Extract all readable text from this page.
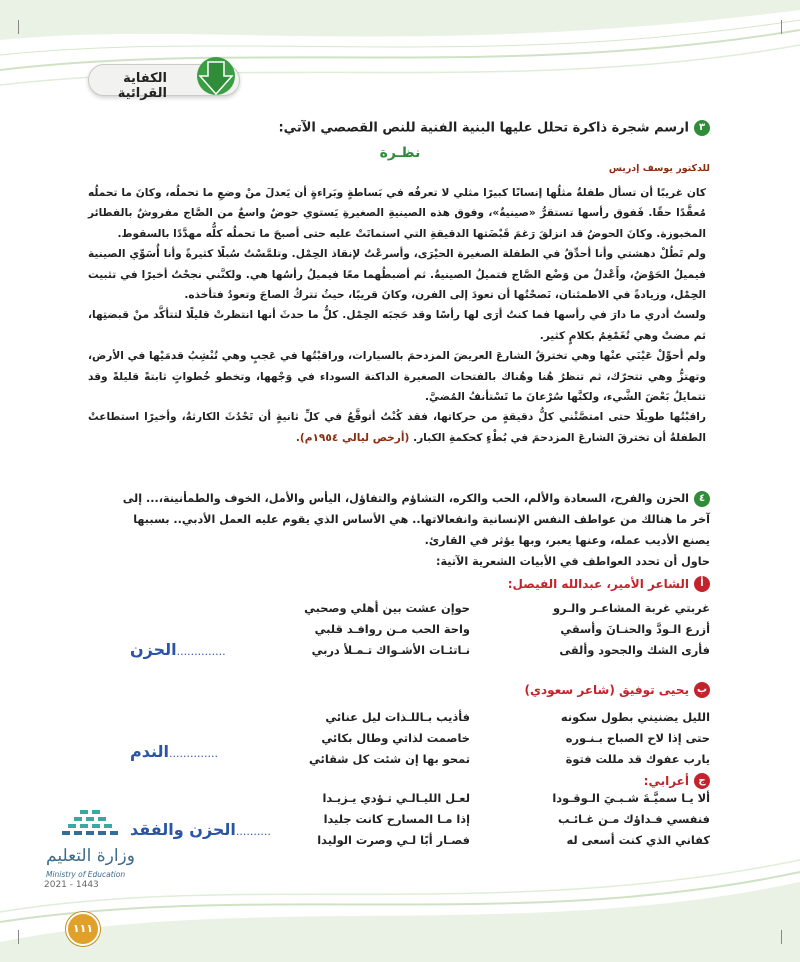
الكفاية القرائية
٣ارسم شجرة ذاكرة تحلل عليها البنية الفنية للنص القصصي الآتي:
نظـرة
للدكتور يوسف إدريس

كان غريبًا أن تسأل طفلةٌ مثلُها إنسانًا كبيرًا مثلي لا تعرفُه في بَساطةٍ وبَراءةٍ أن يَعدلَ منْ وضعِ ما تحملُه، وكانَ ما تحملُه مُعقَّدًا حقًا. فَفوق رأسها تستقرُّ «صينيةٌ»، وفوق هذه الصينيةِ الصغيرةِ يَستوي حوضٌ واسعٌ من الصَّاج مفروشٌ بالفطائر المخبوزة. وكانَ الحوضُ قد انزلقَ رَغمَ قَبْضَتها الدقيقةِ التي استماتَتْ عليه حتى أصبحَ ما تحملُه كلُّه مهدَّدًا بالسقوط.

ولم تَطُلْ دهشتي وأنا أحدِّقُ في الطفلة الصغيرة الحيْرَى، وأسرعْتُ لإنقاذ الحِمْل. وتلمَّسْتُ سُبلًا كثيرةً وأنا أُسَوِّي الصينية فيميلُ الحَوْضُ، وأَعْدلُ من وَضْع الصَّاج فتميلُ الصينيةُ. ثم أضبطُهما معًا فيميلُ رأسُها هي. ولكنَّني نجحْتُ أخيرًا في تثبيت الحِمْل، وزيادةً في الاطمئنان، نَصحْتُها أن تعودَ إلى الفرن، وكانَ قريبًا، حيثُ تتركُ الصاجَ وتعودُ فتأخذه.

ولستُ أدري ما دارَ في رأسها فما كنتُ أرَى لها رأسًا وقد حَجبَه الحِمْل. كلُّ ما حدثَ أنها انتظرتْ قليلًا لتتأكَّد منْ قبضتِها، ثم مضتْ وهي تُغَمْغِمُ بكلامٍ كثير.

ولم أحوِّلْ عَيْنَي عنْها وهي تخترقُ الشارعَ العريضَ المزدحمَ بالسيارات، وراقبْتُها في عَجبٍ وهي تُنْشِبُ قدمَيْها في الأرض، وتهتزُّ وهي تتحرّك، ثم تنظرُ هُنا وهُناك بالفتحات الصغيرة الداكنة السوداء في وَجْهها، وتخطو خُطواتٍ ثابتةً قليلةً وقد تتمايلُ بَعْضَ الشَّيء، ولكنَّها سُرْعانَ ما تَسْتأنفُ المُضيَّ.

راقبْتُها طويلًا حتى امتصَّتْني كلُّ دقيقةٍ من حركاتها، فقد كُنْتُ أتوقَّعُ في كلِّ ثانيةٍ أن تَحْدُثَ الكارثةُ، وأخيرًا استطاعتْ الطفلةُ أن تخترقَ الشارعَ المزدحمَ في بُطْءٍ كحكمةِ الكبار. (أرخص ليالي ١٩٥٤م).

٤الحزن والفرح، السعادة والألم، الحب والكره، التشاؤم والتفاؤل، اليأس والأمل، الخوف والطمأنينة،... إلى
آخر ما هنالك من عواطف النفس الإنسانية وانفعالاتها.. هي الأساس الذي يقوم عليه العمل الأدبي.. بسببها
يصنع الأديب عمله، وعنها يعبر، وبها يؤثر في القارئ.
حاول أن تحدد العواطف في الأبيات الشعرية الآتية:
أالشاعر الأمير، عبدالله الفيصل:
غربتي غربة المشاعـر والـرو
حوإن عشت بين أهلي وصحبي
أزرع الـودَّ والحنـانَ وأسقي
واحة الحب مـن روافـد قلبي
فأرى الشك والجحود وألقى
نـاتئـات الأشـواك تـمـلأ دربي
الحزن..............
بيحيى توفيق (شاعر سعودي)
الليل يضنيني بطول سكونه
فأذيب بـاللـذات ليل عنائي
حتى إذا لاح الصباح بـنـوره
خاصمت لذاتي وطال بكائي
يارب عفوك قد مللت فتوة
تمحو بها إن شئت كل شقائي
الندم..............
جأعرابي:
ألا يـا سميَّـةَ شـبـيَ الـوقـودا
لعـل الليـالـي تـؤدي يـزيـدا
فنفسي فـداؤك مـن غـائـب
إذا مـا المسارح كانت جليدا
كفاني الذي كنت أسعى له
فصـار أبًا لـي وصرت الوليدا
الحزن والفقد..........
وزارة التعليم
Ministry of Education
2021 - 1443
١١١
